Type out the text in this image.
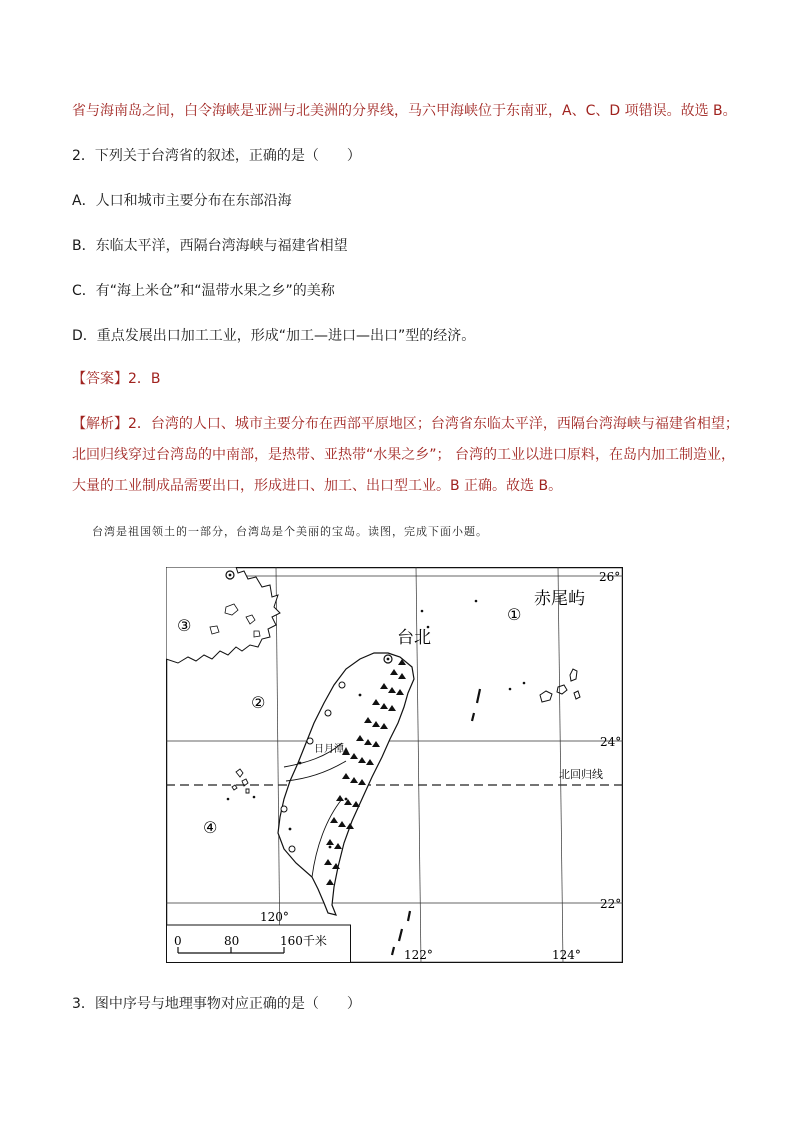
省与海南岛之间，白令海峡是亚洲与北美洲的分界线，马六甲海峡位于东南亚，A、C、D 项错误。故选 B。
2．下列关于台湾省的叙述，正确的是（　　）
A．人口和城市主要分布在东部沿海
B．东临太平洋，西隔台湾海峡与福建省相望
C．有“海上米仓”和“温带水果之乡”的美称
D．重点发展出口加工工业，形成“加工—进口—出口”型的经济。
【答案】2．B
【解析】2．台湾的人口、城市主要分布在西部平原地区；台湾省东临太平洋，西隔台湾海峡与福建省相望；
北回归线穿过台湾岛的中南部，是热带、亚热带“水果之乡”； 台湾的工业以进口原料，在岛内加工制造业，
大量的工业制成品需要出口，形成进口、加工、出口型工业。B 正确。故选 B。
台湾是祖国领土的一部分，台湾岛是个美丽的宝岛。读图，完成下面小题。
26°
24°
22°
120°
122°	124°
台北
赤尾屿
日月潭
北回归线
①
②
③
④
0	80	160千米
3．图中序号与地理事物对应正确的是（　　）
